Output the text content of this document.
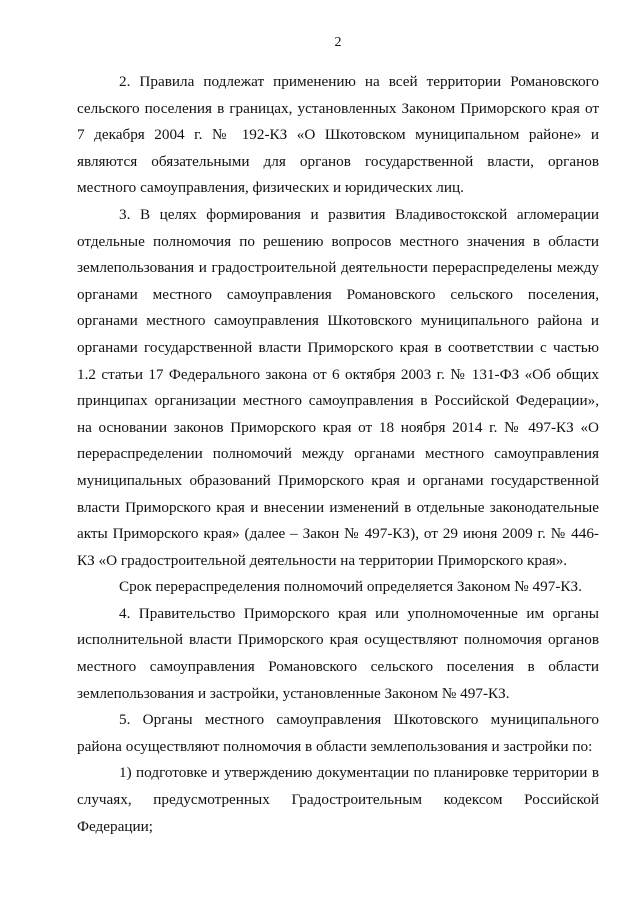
2

2. Правила подлежат применению на всей территории Романовского сельского поселения в границах, установленных Законом Приморского края от 7 декабря 2004 г. № 192-КЗ «О Шкотовском муниципальном районе» и являются обязательными для органов государственной власти, органов местного самоуправления, физических и юридических лиц.

3. В целях формирования и развития Владивостокской агломерации отдельные полномочия по решению вопросов местного значения в области землепользования и градостроительной деятельности перераспределены между органами местного самоуправления Романовского сельского поселения, органами местного самоуправления Шкотовского муниципального района и органами государственной власти Приморского края в соответствии с частью 1.2 статьи 17 Федерального закона от 6 октября 2003 г. № 131-ФЗ «Об общих принципах организации местного самоуправления в Российской Федерации», на основании законов Приморского края от 18 ноября 2014 г. № 497-КЗ «О перераспределении полномочий между органами местного самоуправления муниципальных образований Приморского края и органами государственной власти Приморского края и внесении изменений в отдельные законодательные акты Приморского края» (далее – Закон № 497-КЗ), от 29 июня 2009 г. № 446-КЗ «О градостроительной деятельности на территории Приморского края».

Срок перераспределения полномочий определяется Законом № 497-КЗ.

4. Правительство Приморского края или уполномоченные им органы исполнительной власти Приморского края осуществляют полномочия органов местного самоуправления Романовского сельского поселения в области землепользования и застройки, установленные Законом № 497-КЗ.

5. Органы местного самоуправления Шкотовского муниципального района осуществляют полномочия в области землепользования и застройки по:

1) подготовке и утверждению документации по планировке территории в случаях, предусмотренных Градостроительным кодексом Российской Федерации;
